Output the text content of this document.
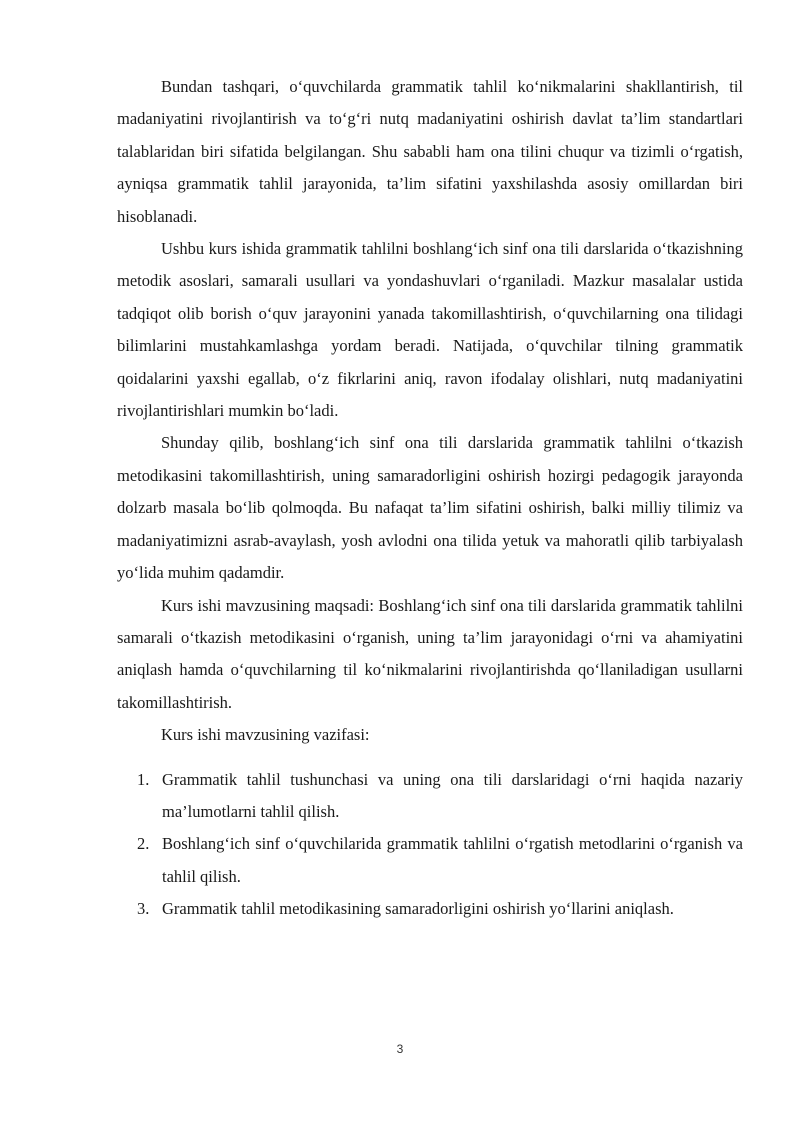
Bundan tashqari, o‘quvchilarda grammatik tahlil ko‘nikmalarini shakllantirish, til madaniyatini rivojlantirish va to‘g‘ri nutq madaniyatini oshirish davlat ta’lim standartlari talablaridan biri sifatida belgilangan. Shu sababli ham ona tilini chuqur va tizimli o‘rgatish, ayniqsa grammatik tahlil jarayonida, ta’lim sifatini yaxshilashda asosiy omillardan biri hisoblanadi.

Ushbu kurs ishida grammatik tahlilni boshlang‘ich sinf ona tili darslarida o‘tkazishning metodik asoslari, samarali usullari va yondashuvlari o‘rganiladi. Mazkur masalalar ustida tadqiqot olib borish o‘quv jarayonini yanada takomillashtirish, o‘quvchilarning ona tilidagi bilimlarini mustahkamlashga yordam beradi. Natijada, o‘quvchilar tilning grammatik qoidalarini yaxshi egallab, o‘z fikrlarini aniq, ravon ifodalay olishlari, nutq madaniyatini rivojlantirishlari mumkin bo‘ladi.

Shunday qilib, boshlang‘ich sinf ona tili darslarida grammatik tahlilni o‘tkazish metodikasini takomillashtirish, uning samaradorligini oshirish hozirgi pedagogik jarayonda dolzarb masala bo‘lib qolmoqda. Bu nafaqat ta’lim sifatini oshirish, balki milliy tilimiz va madaniyatimizni asrab-avaylash, yosh avlodni ona tilida yetuk va mahoratli qilib tarbiyalash yo‘lida muhim qadamdir.

Kurs ishi mavzusining maqsadi: Boshlang‘ich sinf ona tili darslarida grammatik tahlilni samarali o‘tkazish metodikasini o‘rganish, uning ta’lim jarayonidagi o‘rni va ahamiyatini aniqlash hamda o‘quvchilarning til ko‘nikmalarini rivojlantirishda qo‘llaniladigan usullarni takomillashtirish.

Kurs ishi mavzusining vazifasi:

1. Grammatik tahlil tushunchasi va uning ona tili darslaridagi o‘rni haqida nazariy ma’lumotlarni tahlil qilish.
2. Boshlang‘ich sinf o‘quvchilarida grammatik tahlilni o‘rgatish metodlarini o‘rganish va tahlil qilish.
3. Grammatik tahlil metodikasining samaradorligini oshirish yo‘llarini aniqlash.
3
